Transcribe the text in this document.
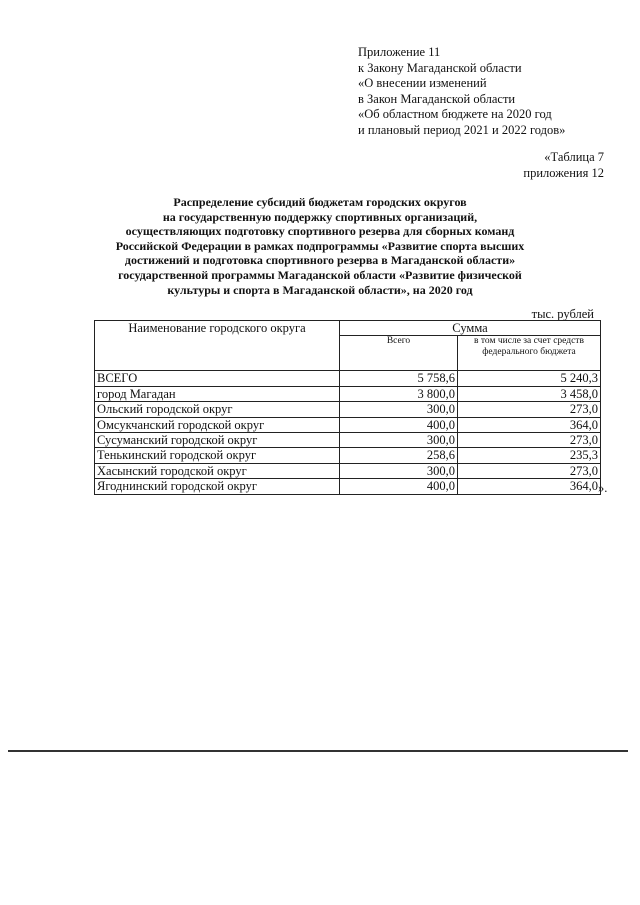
Приложение 11
к Закону Магаданской области
«О внесении изменений
в Закон Магаданской области
«Об областном бюджете на 2020 год
и плановый период 2021 и 2022 годов»
«Таблица 7
приложения 12
Распределение субсидий бюджетам городских округов
на государственную поддержку спортивных организаций,
осуществляющих подготовку спортивного резерва для сборных команд
Российской Федерации в рамках подпрограммы «Развитие спорта высших
достижений и подготовка спортивного резерва в Магаданской области»
государственной программы Магаданской области «Развитие физической
культуры и спорта в Магаданской области», на 2020 год
тыс. рублей
Наименование городского округа	Сумма	
	Всего	в том числе за счет средств федерального бюджета
ВСЕГО	5 758,6	5 240,3
город Магадан	3 800,0	3 458,0
Ольский городской округ	300,0	273,0
Омсукчанский городской округ	400,0	364,0
Сусуманский городской округ	300,0	273,0
Тенькинский городской округ	258,6	235,3
Хасынский городской округ	300,0	273,0
Ягоднинский городской округ	400,0	364,0 ».
